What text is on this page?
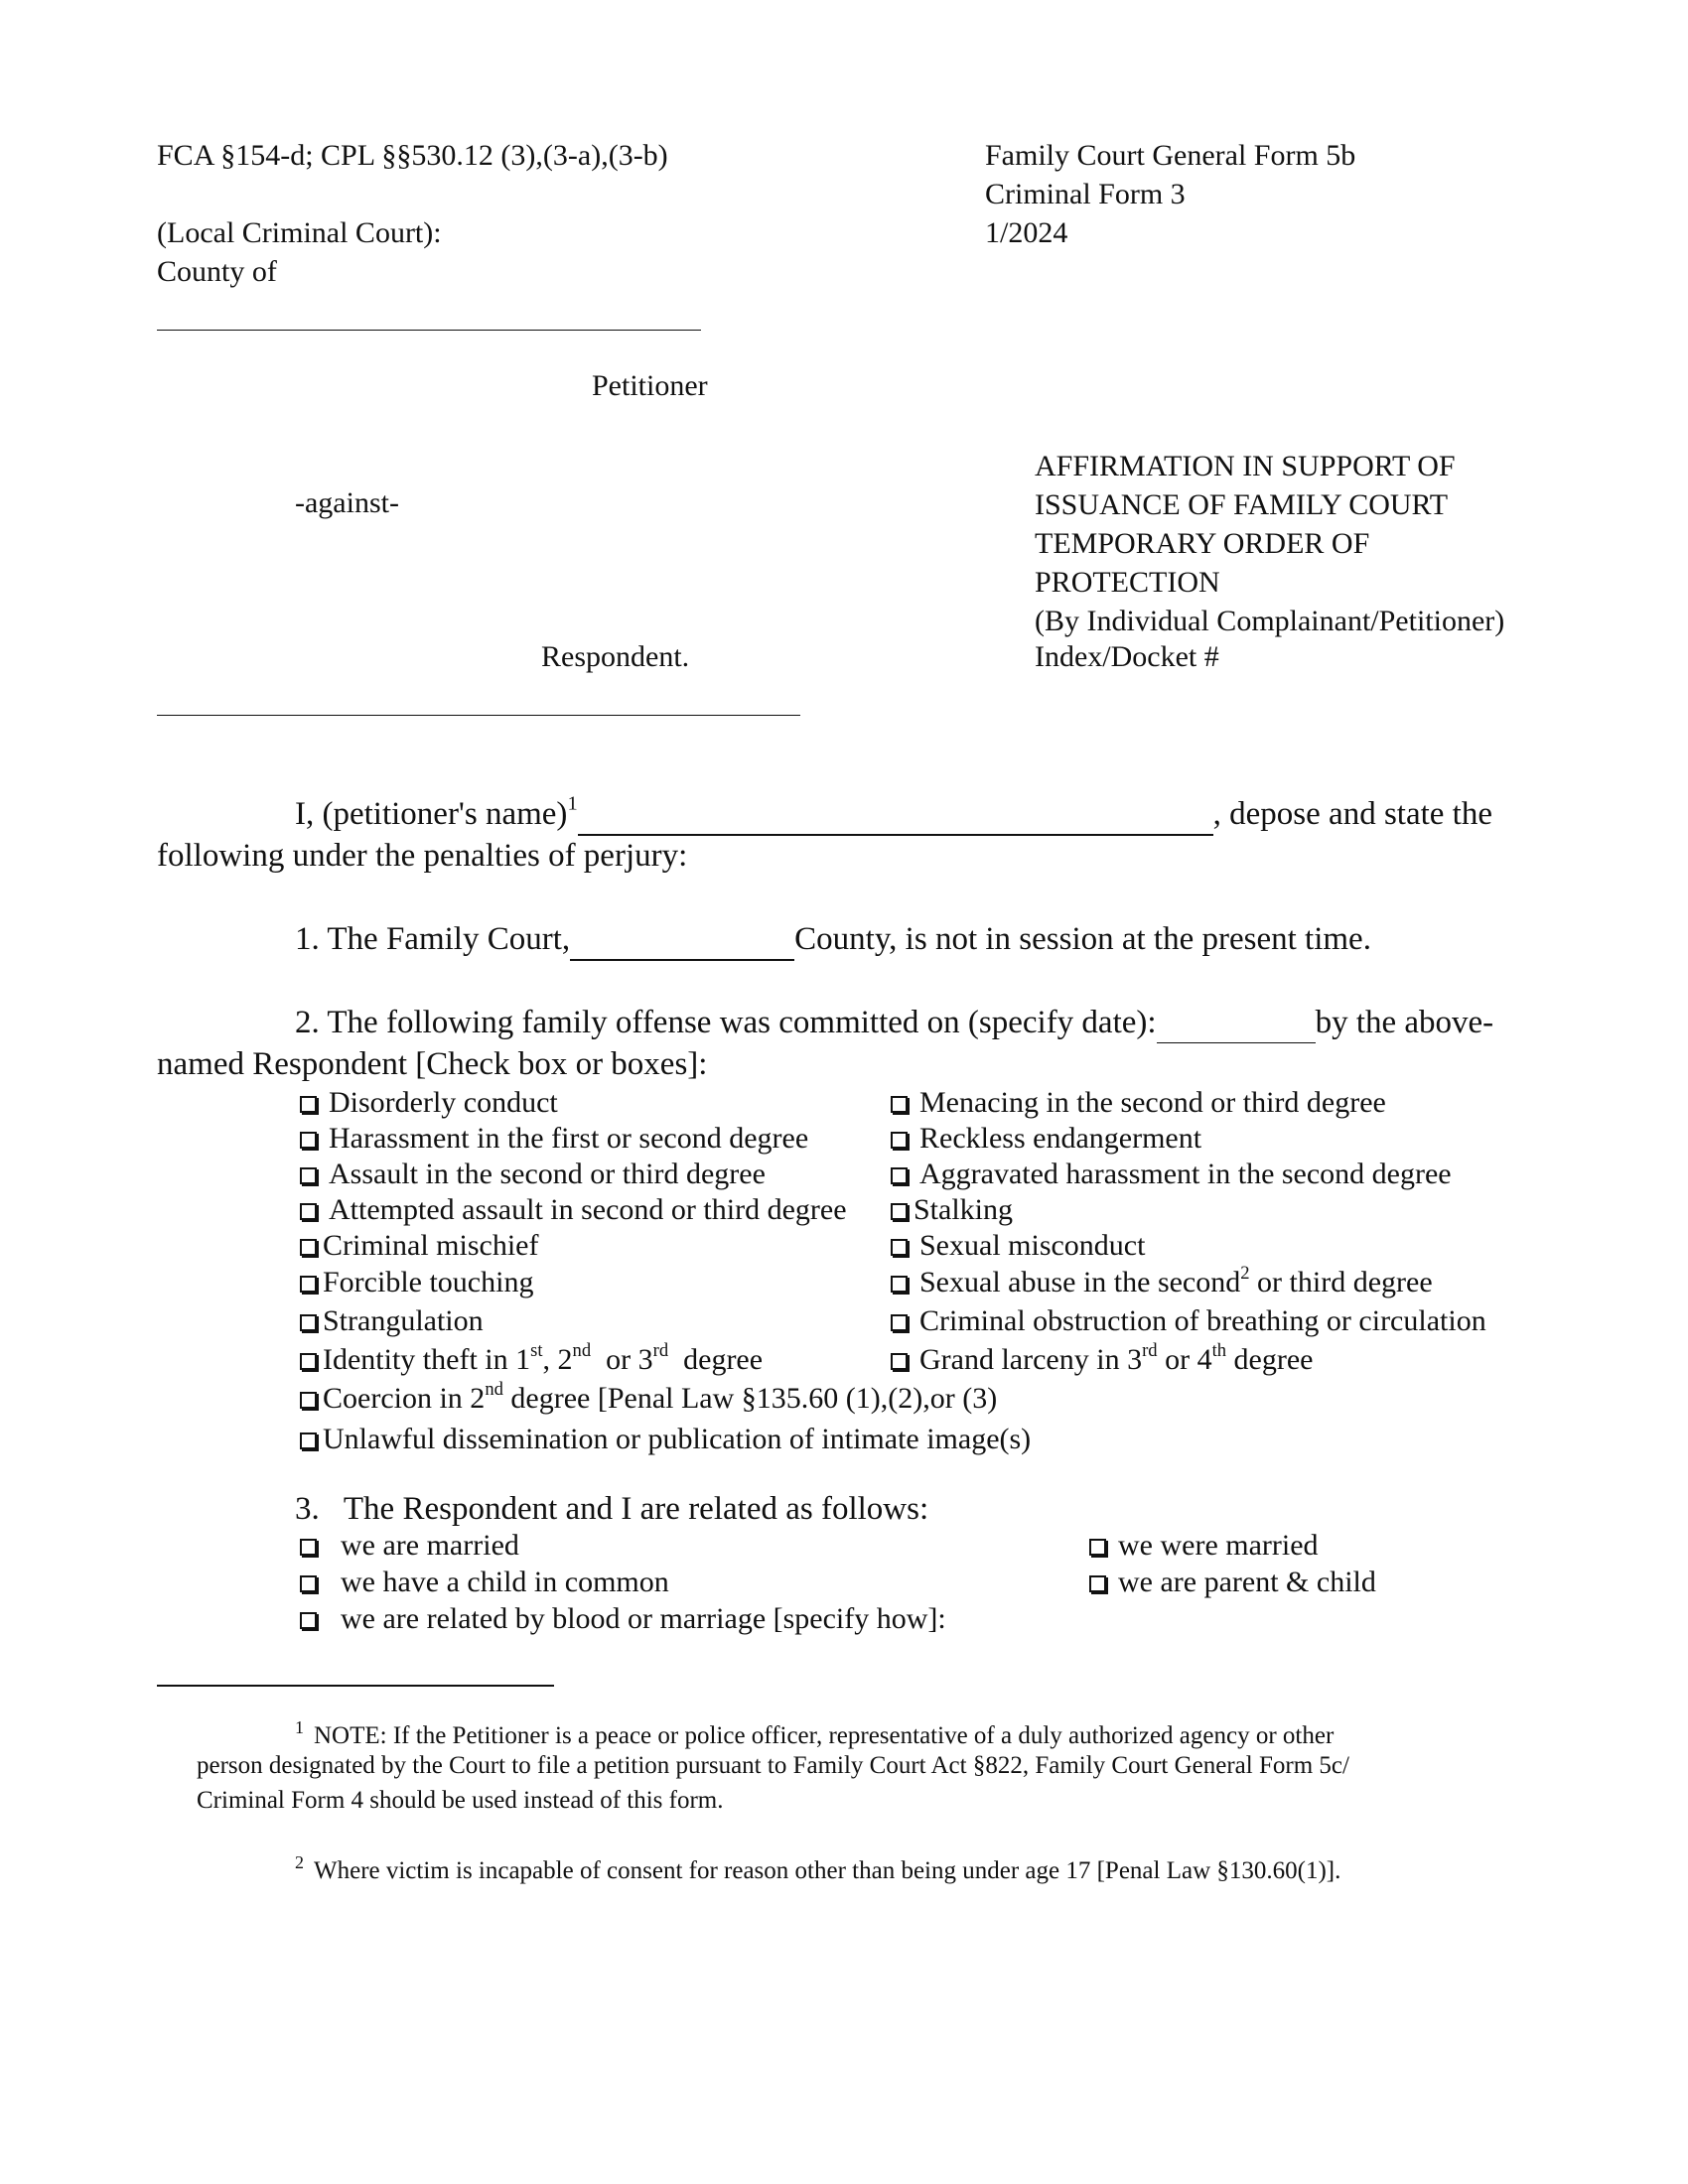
FCA §154-d; CPL §§530.12 (3),(3-a),(3-b)
(Local Criminal Court):
County of
Family Court General Form 5b
Criminal Form 3
1/2024
Petitioner
-against-
Respondent.
AFFIRMATION IN SUPPORT OF
ISSUANCE OF FAMILY COURT
TEMPORARY ORDER OF
PROTECTION
(By Individual Complainant/Petitioner)
Index/Docket #
I, (petitioner's name)$^1$	, depose and state the
following under the penalties of perjury:
1. The Family Court,	County, is not in session at the present time.
2. The following family offense was committed on (specify date):	by the above-
named Respondent [Check box or boxes]:
Disorderly conduct
Harassment in the first or second degree
Assault in the second or third degree
Attempted assault in second or third degree
Criminal mischief
Forcible touching
Strangulation
Identity theft in 1st, 2nd  or 3rd  degree
Coercion in 2nd degree [Penal Law §135.60 (1),(2),or (3)
Unlawful dissemination or publication of intimate image(s)
Menacing in the second or third degree
Reckless endangerment
Aggravated harassment in the second degree
Stalking
Sexual misconduct
Sexual abuse in the second$^2$ or third degree
Criminal obstruction of breathing or circulation
Grand larceny in 3rd or 4th degree
3.   The Respondent and I are related as follows:
we are married
we have a child in common
we are related by blood or marriage [specify how]:
we were married
we are parent & child
$^1$ NOTE: If the Petitioner is a peace or police officer, representative of a duly authorized agency or other
person designated by the Court to file a petition pursuant to Family Court Act §822, Family Court General Form 5c/
Criminal Form 4 should be used instead of this form.
$^2$ Where victim is incapable of consent for reason other than being under age 17 [Penal Law §130.60(1)].
